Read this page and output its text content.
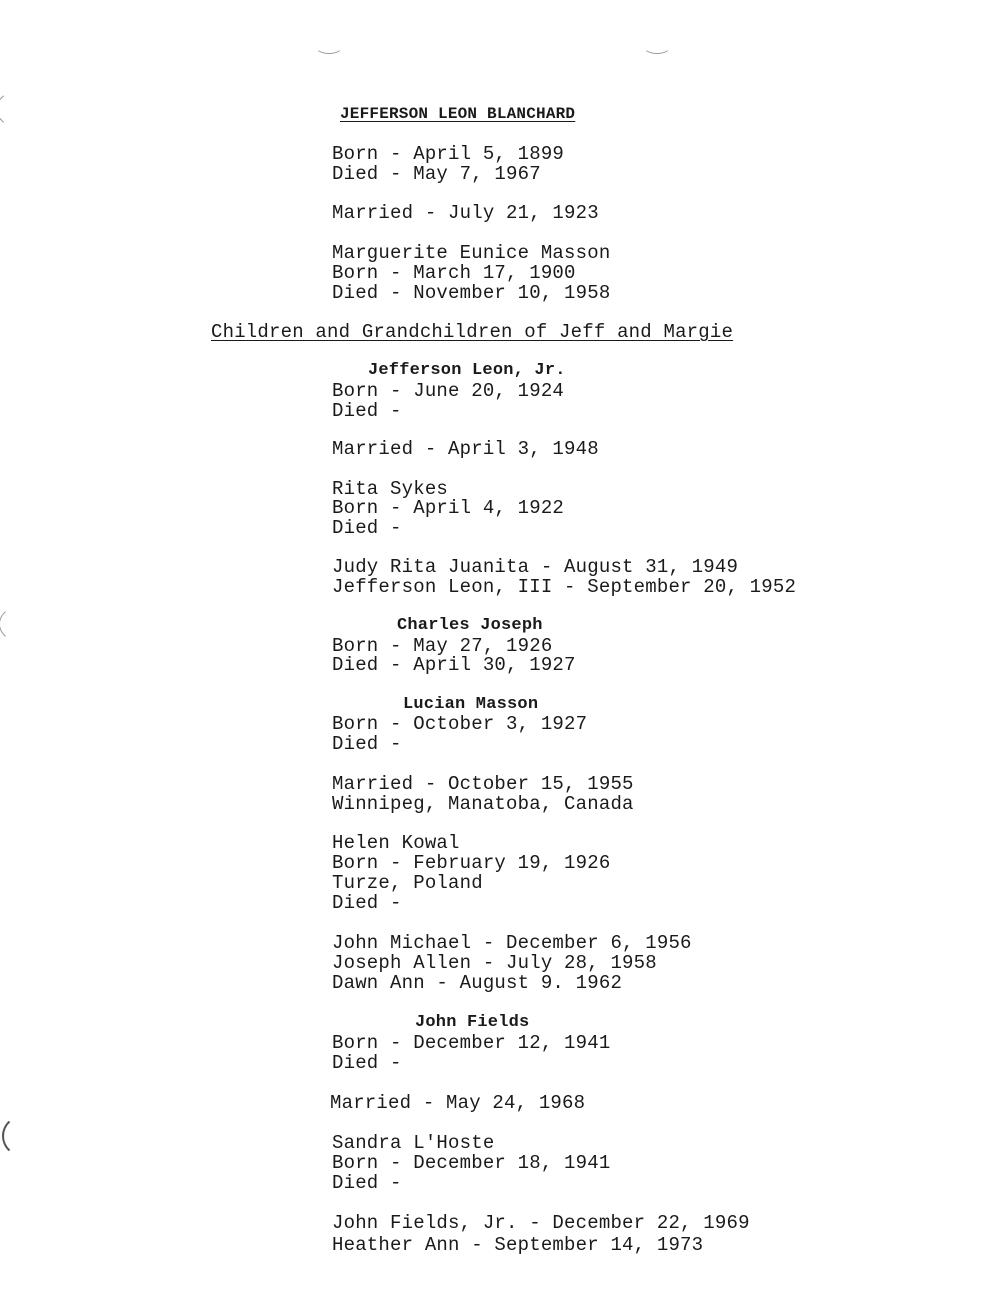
JEFFERSON LEON BLANCHARD
Born - April 5, 1899
Died - May 7, 1967
Married - July 21, 1923
Marguerite Eunice Masson
Born - March 17, 1900
Died - November 10, 1958
Children and Grandchildren of Jeff and Margie
Jefferson Leon, Jr.
Born - June 20, 1924
Died -
Married - April 3, 1948
Rita Sykes
Born - April 4, 1922
Died -
Judy Rita Juanita - August 31, 1949
Jefferson Leon, III - September 20, 1952
Charles Joseph
Born - May 27, 1926
Died - April 30, 1927
Lucian Masson
Born - October 3, 1927
Died -
Married - October 15, 1955
Winnipeg, Manatoba, Canada
Helen Kowal
Born - February 19, 1926
Turze, Poland
Died -
John Michael - December 6, 1956
Joseph Allen - July 28, 1958
Dawn Ann - August 9. 1962
John Fields
Born - December 12, 1941
Died -
Married - May 24, 1968
Sandra L'Hoste
Born - December 18, 1941
Died -
John Fields, Jr. - December 22, 1969
Heather Ann - September 14, 1973
